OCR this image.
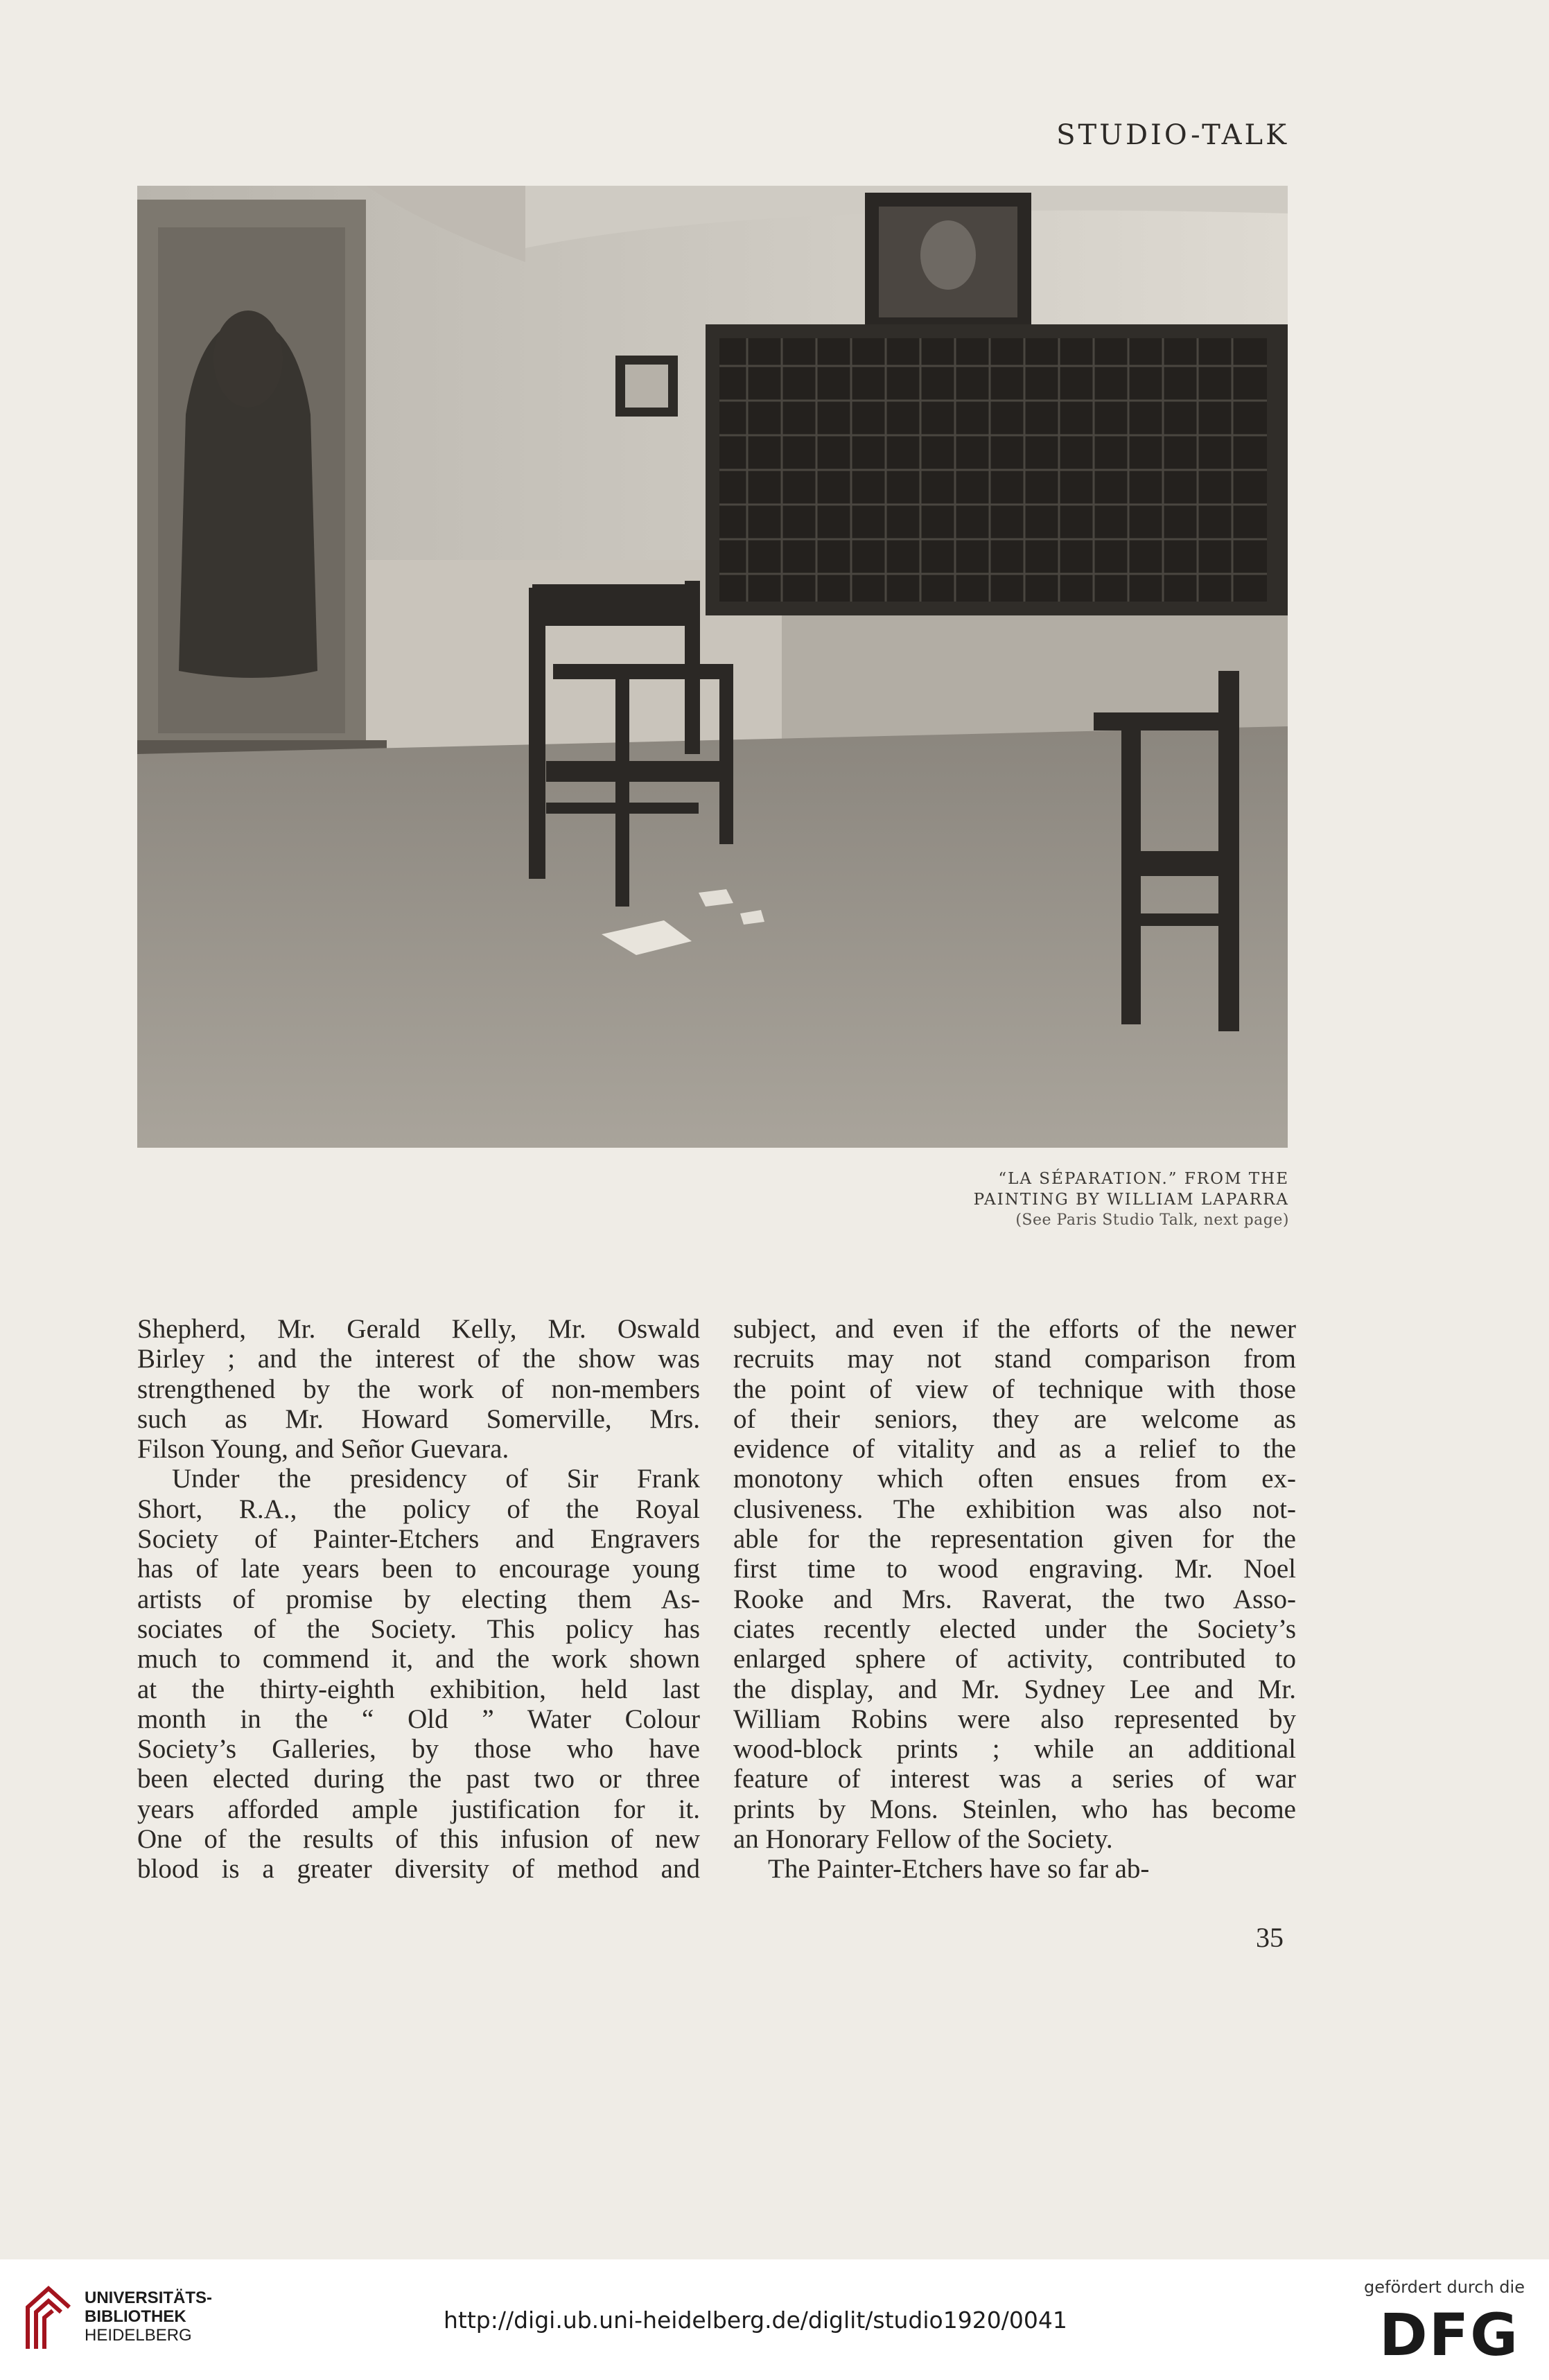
STUDIO-TALK
“LA SÉPARATION.” FROM THE
PAINTING BY WILLIAM LAPARRA
(See Paris Studio Talk, next page)

Shepherd, Mr. Gerald Kelly, Mr. Oswald
Birley ; and the interest of the show was
strengthened by the work of non-members
such as Mr. Howard Somerville, Mrs.
Filson Young, and Señor Guevara.

Under the presidency of Sir Frank
Short, R.A., the policy of the Royal
Society of Painter-Etchers and Engravers
has of late years been to encourage young
artists of promise by electing them As-
sociates of the Society. This policy has
much to commend it, and the work shown
at the thirty-eighth exhibition, held last
month in the “ Old ” Water Colour
Society’s Galleries, by those who have
been elected during the past two or three
years afforded ample justification for it.
One of the results of this infusion of new
blood is a greater diversity of method and

subject, and even if the efforts of the newer
recruits may not stand comparison from
the point of view of technique with those
of their seniors, they are welcome as
evidence of vitality and as a relief to the
monotony which often ensues from ex-
clusiveness. The exhibition was also not-
able for the representation given for the
first time to wood engraving. Mr. Noel
Rooke and Mrs. Raverat, the two Asso-
ciates recently elected under the Society’s
enlarged sphere of activity, contributed to
the display, and Mr. Sydney Lee and Mr.
William Robins were also represented by
wood-block prints ; while an additional
feature of interest was a series of war
prints by Mons. Steinlen, who has become
an Honorary Fellow of the Society.

The Painter-Etchers have so far ab-

35
UNIVERSITÄTS-
BIBLIOTHEK
HEIDELBERG
http://digi.ub.uni-heidelberg.de/diglit/studio1920/0041
gefördert durch die
DFG
